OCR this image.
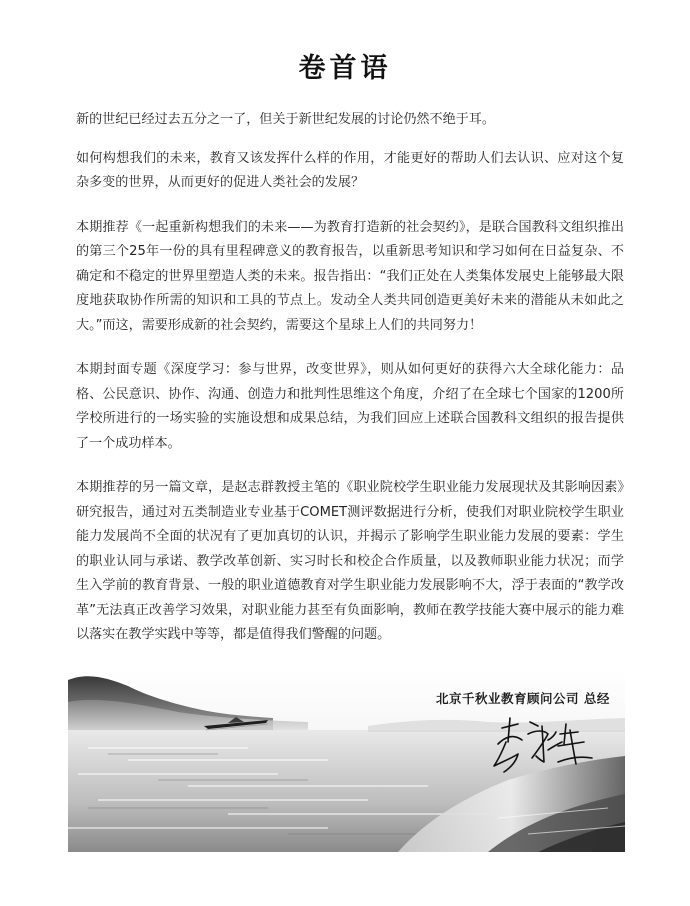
卷首语

新的世纪已经过去五分之一了，但关于新世纪发展的讨论仍然不绝于耳。

如何构想我们的未来，教育又该发挥什么样的作用，才能更好的帮助人们去认识、应对这个复杂多变的世界，从而更好的促进人类社会的发展？

本期推荐《一起重新构想我们的未来——为教育打造新的社会契约》，是联合国教科文组织推出的第三个25年一份的具有里程碑意义的教育报告，以重新思考知识和学习如何在日益复杂、不确定和不稳定的世界里塑造人类的未来。报告指出：“我们正处在人类集体发展史上能够最大限度地获取协作所需的知识和工具的节点上。发动全人类共同创造更美好未来的潜能从未如此之大。”而这，需要形成新的社会契约，需要这个星球上人们的共同努力！

本期封面专题《深度学习：参与世界，改变世界》，则从如何更好的获得六大全球化能力：品格、公民意识、协作、沟通、创造力和批判性思维这个角度，介绍了在全球七个国家的1200所学校所进行的一场实验的实施设想和成果总结，为我们回应上述联合国教科文组织的报告提供了一个成功样本。

本期推荐的另一篇文章，是赵志群教授主笔的《职业院校学生职业能力发展现状及其影响因素》研究报告，通过对五类制造业专业基于COMET测评数据进行分析，使我们对职业院校学生职业能力发展尚不全面的状况有了更加真切的认识，并揭示了影响学生职业能力发展的要素：学生的职业认同与承诺、教学改革创新、实习时长和校企合作质量，以及教师职业能力状况；而学生入学前的教育背景、一般的职业道德教育对学生职业能力发展影响不大，浮于表面的“教学改革”无法真正改善学习效果，对职业能力甚至有负面影响，教师在教学技能大赛中展示的能力难以落实在教学实践中等等，都是值得我们警醒的问题。

北京千秋业教育顾问公司 总经
